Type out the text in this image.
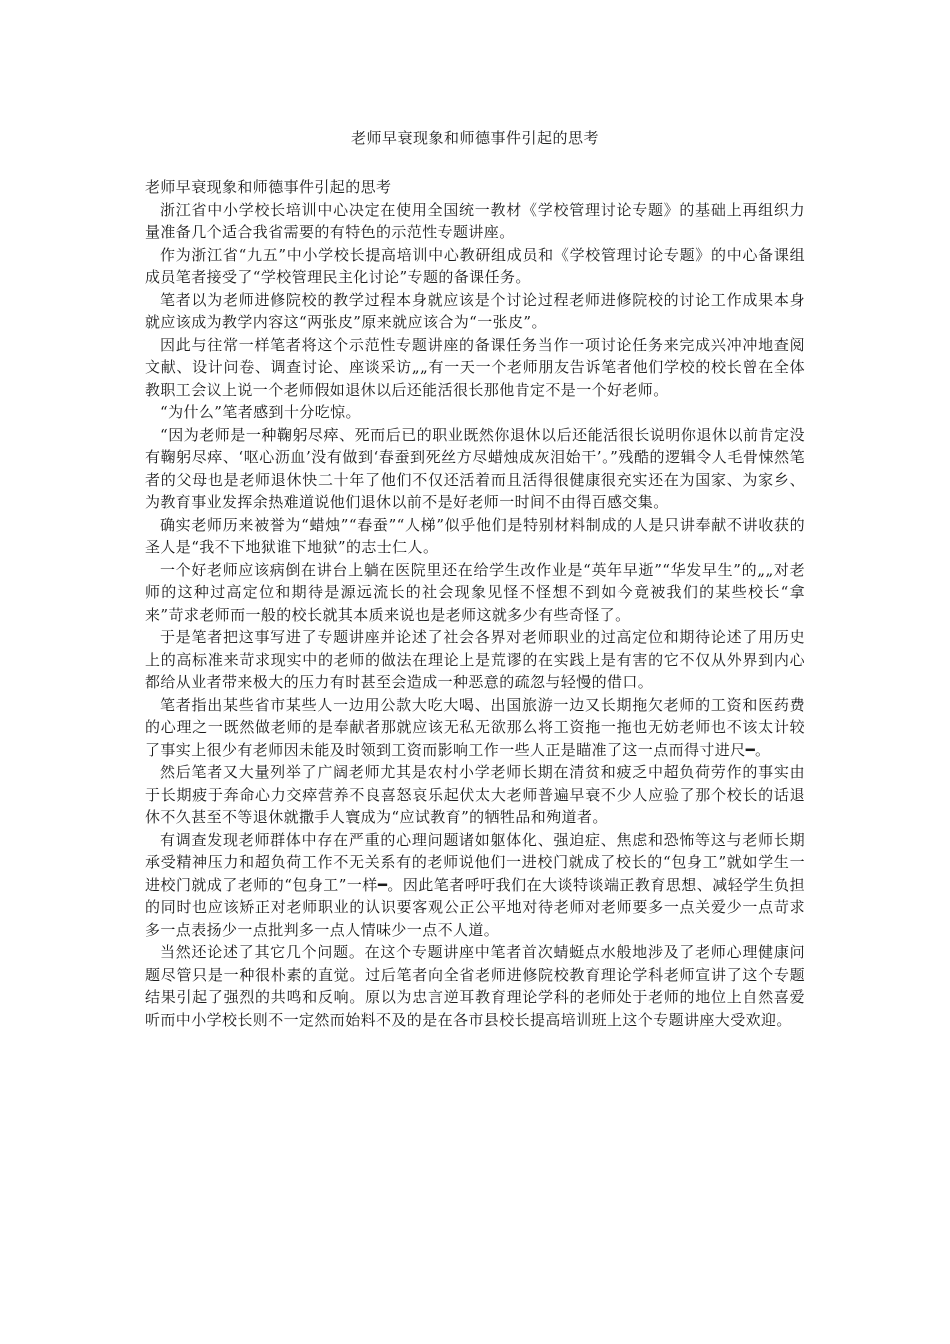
老师早衰现象和师德事件引起的思考

老师早衰现象和师德事件引起的思考

浙江省中小学校长培训中心决定在使用全国统一教材《学校管理讨论专题》的基础上再组织力量准备几个适合我省需要的有特色的示范性专题讲座。

作为浙江省“九五”中小学校长提高培训中心教研组成员和《学校管理讨论专题》的中心备课组成员笔者接受了“学校管理民主化讨论”专题的备课任务。

笔者以为老师进修院校的教学过程本身就应该是个讨论过程老师进修院校的讨论工作成果本身就应该成为教学内容这“两张皮”原来就应该合为“一张皮”。

因此与往常一样笔者将这个示范性专题讲座的备课任务当作一项讨论任务来完成兴冲冲地查阅文献、设计问卷、调查讨论、座谈采访„„有一天一个老师朋友告诉笔者他们学校的校长曾在全体教职工会议上说一个老师假如退休以后还能活很长那他肯定不是一个好老师。

“为什么”笔者感到十分吃惊。

“因为老师是一种鞠躬尽瘁、死而后已的职业既然你退休以后还能活很长说明你退休以前肯定没有鞠躬尽瘁、‘呕心沥血’没有做到‘春蚕到死丝方尽蜡烛成灰泪始干’。”残酷的逻辑令人毛骨悚然笔者的父母也是老师退休快二十年了他们不仅还活着而且活得很健康很充实还在为国家、为家乡、为教育事业发挥余热难道说他们退休以前不是好老师一时间不由得百感交集。

确实老师历来被誉为“蜡烛”“春蚕”“人梯”似乎他们是特别材料制成的人是只讲奉献不讲收获的圣人是“我不下地狱谁下地狱”的志士仁人。

一个好老师应该病倒在讲台上躺在医院里还在给学生改作业是“英年早逝”“华发早生”的„„对老师的这种过高定位和期待是源远流长的社会现象见怪不怪想不到如今竟被我们的某些校长“拿来”苛求老师而一般的校长就其本质来说也是老师这就多少有些奇怪了。

于是笔者把这事写进了专题讲座并论述了社会各界对老师职业的过高定位和期待论述了用历史上的高标准来苛求现实中的老师的做法在理论上是荒谬的在实践上是有害的它不仅从外界到内心都给从业者带来极大的压力有时甚至会造成一种恶意的疏忽与轻慢的借口。

笔者指出某些省市某些人一边用公款大吃大喝、出国旅游一边又长期拖欠老师的工资和医药费的心理之一既然做老师的是奉献者那就应该无私无欲那么将工资拖一拖也无妨老师也不该太计较了事实上很少有老师因未能及时领到工资而影响工作一些人正是瞄准了这一点而得寸进尺━。

然后笔者又大量列举了广阔老师尤其是农村小学老师长期在清贫和疲乏中超负荷劳作的事实由于长期疲于奔命心力交瘁营养不良喜怒哀乐起伏太大老师普遍早衰不少人应验了那个校长的话退休不久甚至不等退休就撒手人寰成为“应试教育”的牺牲品和殉道者。

有调查发现老师群体中存在严重的心理问题诸如躯体化、强迫症、焦虑和恐怖等这与老师长期承受精神压力和超负荷工作不无关系有的老师说他们一进校门就成了校长的“包身工”就如学生一进校门就成了老师的“包身工”一样━。因此笔者呼吁我们在大谈特谈端正教育思想、减轻学生负担的同时也应该矫正对老师职业的认识要客观公正公平地对待老师对老师要多一点关爱少一点苛求多一点表扬少一点批判多一点人情味少一点不人道。

当然还论述了其它几个问题。在这个专题讲座中笔者首次蜻蜓点水般地涉及了老师心理健康问题尽管只是一种很朴素的直觉。过后笔者向全省老师进修院校教育理论学科老师宣讲了这个专题结果引起了强烈的共鸣和反响。原以为忠言逆耳教育理论学科的老师处于老师的地位上自然喜爱听而中小学校长则不一定然而始料不及的是在各市县校长提高培训班上这个专题讲座大受欢迎。
